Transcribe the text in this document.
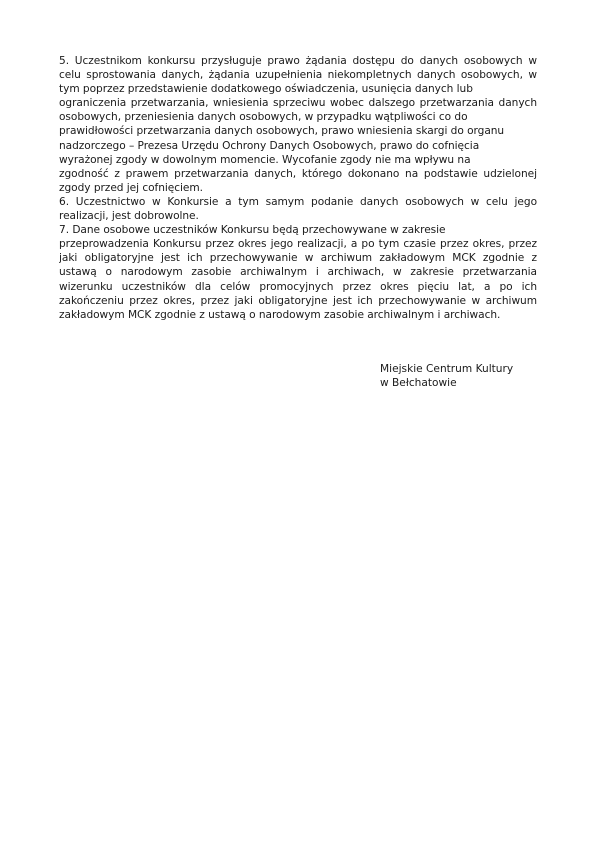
5. Uczestnikom konkursu przysługuje prawo żądania dostępu do danych osobowych w
celu sprostowania danych, żądania uzupełnienia niekompletnych danych osobowych, w
tym poprzez przedstawienie dodatkowego oświadczenia, usunięcia danych lub
ograniczenia przetwarzania, wniesienia sprzeciwu wobec dalszego przetwarzania danych
osobowych, przeniesienia danych osobowych, w przypadku wątpliwości co do
prawidłowości przetwarzania danych osobowych, prawo wniesienia skargi do organu
nadzorczego – Prezesa Urzędu Ochrony Danych Osobowych, prawo do cofnięcia
wyrażonej zgody w dowolnym momencie. Wycofanie zgody nie ma wpływu na
zgodność z prawem przetwarzania danych, którego dokonano na podstawie udzielonej
zgody przed jej cofnięciem.
6. Uczestnictwo w Konkursie a tym samym podanie danych osobowych w celu jego
realizacji, jest dobrowolne.
7. Dane osobowe uczestników Konkursu będą przechowywane w zakresie
przeprowadzenia Konkursu przez okres jego realizacji, a po tym czasie przez okres, przez
jaki obligatoryjne jest ich przechowywanie w archiwum zakładowym MCK zgodnie z
ustawą o narodowym zasobie archiwalnym i archiwach, w zakresie przetwarzania
wizerunku uczestników dla celów promocyjnych przez okres pięciu lat, a po ich
zakończeniu przez okres, przez jaki obligatoryjne jest ich przechowywanie w archiwum
zakładowym MCK zgodnie z ustawą o narodowym zasobie archiwalnym i archiwach.
Miejskie Centrum Kultury
w Bełchatowie
